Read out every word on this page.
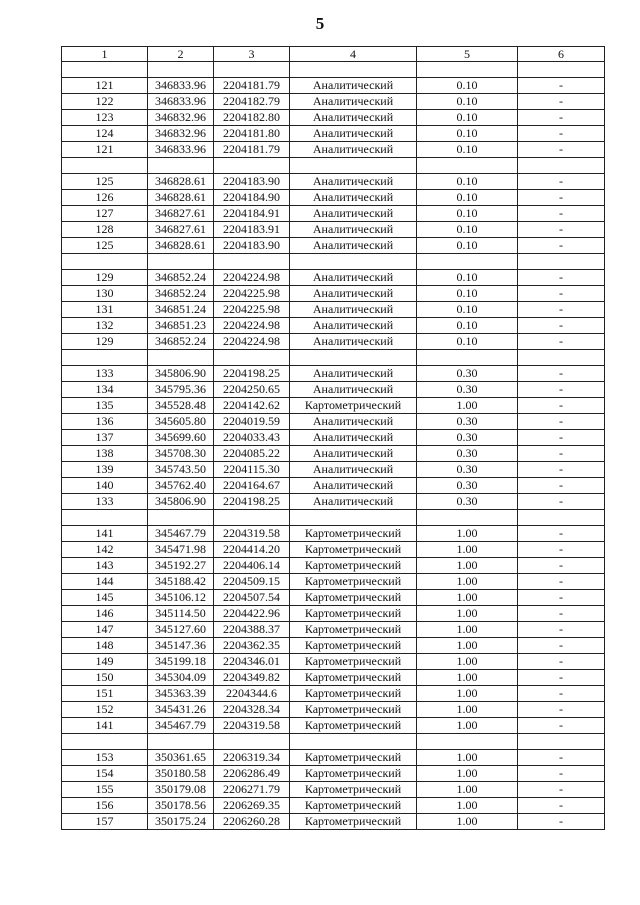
5
1	2	3	4	5	6

121	346833.96	2204181.79	Аналитический	0.10	-
122	346833.96	2204182.79	Аналитический	0.10	-
123	346832.96	2204182.80	Аналитический	0.10	-
124	346832.96	2204181.80	Аналитический	0.10	-
121	346833.96	2204181.79	Аналитический	0.10	-

125	346828.61	2204183.90	Аналитический	0.10	-
126	346828.61	2204184.90	Аналитический	0.10	-
127	346827.61	2204184.91	Аналитический	0.10	-
128	346827.61	2204183.91	Аналитический	0.10	-
125	346828.61	2204183.90	Аналитический	0.10	-

129	346852.24	2204224.98	Аналитический	0.10	-
130	346852.24	2204225.98	Аналитический	0.10	-
131	346851.24	2204225.98	Аналитический	0.10	-
132	346851.23	2204224.98	Аналитический	0.10	-
129	346852.24	2204224.98	Аналитический	0.10	-

133	345806.90	2204198.25	Аналитический	0.30	-
134	345795.36	2204250.65	Аналитический	0.30	-
135	345528.48	2204142.62	Картометрический	1.00	-
136	345605.80	2204019.59	Аналитический	0.30	-
137	345699.60	2204033.43	Аналитический	0.30	-
138	345708.30	2204085.22	Аналитический	0.30	-
139	345743.50	2204115.30	Аналитический	0.30	-
140	345762.40	2204164.67	Аналитический	0.30	-
133	345806.90	2204198.25	Аналитический	0.30	-

141	345467.79	2204319.58	Картометрический	1.00	-
142	345471.98	2204414.20	Картометрический	1.00	-
143	345192.27	2204406.14	Картометрический	1.00	-
144	345188.42	2204509.15	Картометрический	1.00	-
145	345106.12	2204507.54	Картометрический	1.00	-
146	345114.50	2204422.96	Картометрический	1.00	-
147	345127.60	2204388.37	Картометрический	1.00	-
148	345147.36	2204362.35	Картометрический	1.00	-
149	345199.18	2204346.01	Картометрический	1.00	-
150	345304.09	2204349.82	Картометрический	1.00	-
151	345363.39	2204344.6	Картометрический	1.00	-
152	345431.26	2204328.34	Картометрический	1.00	-
141	345467.79	2204319.58	Картометрический	1.00	-

153	350361.65	2206319.34	Картометрический	1.00	-
154	350180.58	2206286.49	Картометрический	1.00	-
155	350179.08	2206271.79	Картометрический	1.00	-
156	350178.56	2206269.35	Картометрический	1.00	-
157	350175.24	2206260.28	Картометрический	1.00	-
